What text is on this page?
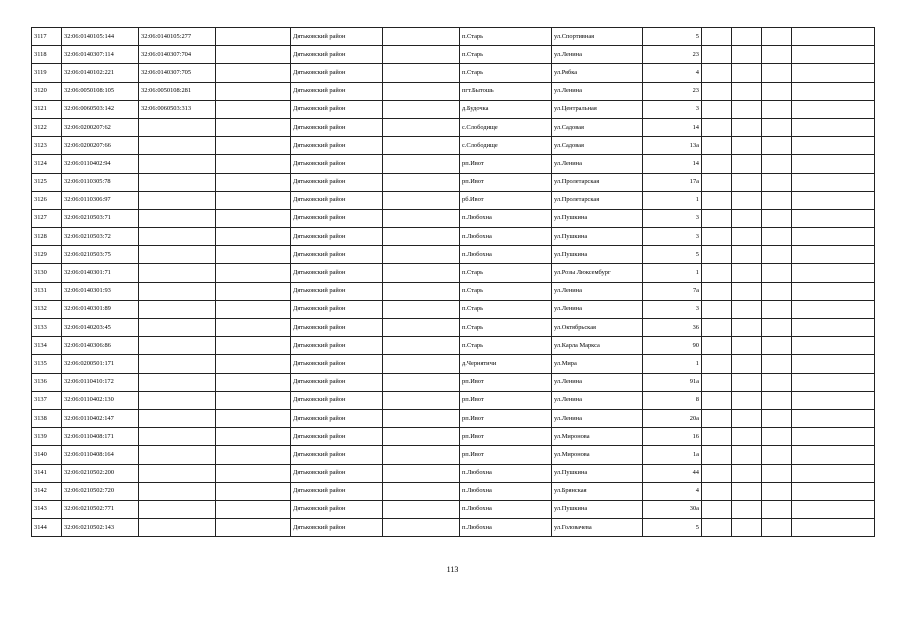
3117	32:06:0140105:144	32:06:0140105:277		Дятьковский район		п.Старь	ул.Спортивная	5				
3118	32:06:0140307:114	32:06:0140307:704		Дятьковский район		п.Старь	ул.Ленина	23				
3119	32:06:0140102:221	32:06:0140307:705		Дятьковский район		п.Старь	ул.Рябка	4				
3120	32:06:0050108:105	32:06:0050108:281		Дятьковский район		пгт.Бытошь	ул.Ленина	23				
3121	32:06:0060503:142	32:06:0060503:313		Дятьковский район		д.Будочка	ул.Центральная	3				
3122	32:06:0200207:62			Дятьковский район		с.Слободище	ул.Садовая	14				
3123	32:06:0200207:66			Дятьковский район		с.Слободище	ул.Садовая	13а				
3124	32:06:0110402:94			Дятьковский район		рп.Ивот	ул.Ленина	14				
3125	32:06:0110305:78			Дятьковский район		рп.Ивот	ул.Пролетарская	17а				
3126	32:06:0110306:97			Дятьковский район		рб.Ивот	ул.Пролетарская	1				
3127	32:06:0210503:71			Дятьковский район		п.Любохна	ул.Пушкина	3				
3128	32:06:0210503:72			Дятьковский район		п.Любохна	ул.Пушкина	3				
3129	32:06:0210503:75			Дятьковский район		п.Любохна	ул.Пушкина	5				
3130	32:06:0140301:71			Дятьковский район		п.Старь	ул.Розы Люксембург	1				
3131	32:06:0140301:93			Дятьковский район		п.Старь	ул.Ленина	7а				
3132	32:06:0140301:89			Дятьковский район		п.Старь	ул.Ленина	3				
3133	32:06:0140203:45			Дятьковский район		п.Старь	ул.Октябрьская	36				
3134	32:06:0140306:86			Дятьковский район		п.Старь	ул.Карла Маркса	90				
3135	32:06:0200501:171			Дятьковский район		д.Чернятичи	ул.Мира	1				
3136	32:06:0110410:172			Дятьковский район		рп.Ивот	ул.Ленина	91а				
3137	32:06:0110402:130			Дятьковский район		рп.Ивот	ул.Ленина	8				
3138	32:06:0110402:147			Дятьковский район		рп.Ивот	ул.Ленина	20а				
3139	32:06:0110408:171			Дятьковский район		рп.Ивот	ул.Миронова	16				
3140	32:06:0110408:164			Дятьковский район		рп.Ивот	ул.Миронова	1а				
3141	32:06:0210502:200			Дятьковский район		п.Любохна	ул.Пушкина	44				
3142	32:06:0210502:720			Дятьковский район		п.Любохна	ул.Брянская	4				
3143	32:06:0210502:771			Дятьковский район		п.Любохна	ул.Пушкина	30а				
3144	32:06:0210502:143			Дятьковский район		п.Любохна	ул.Головачева	5				
113
